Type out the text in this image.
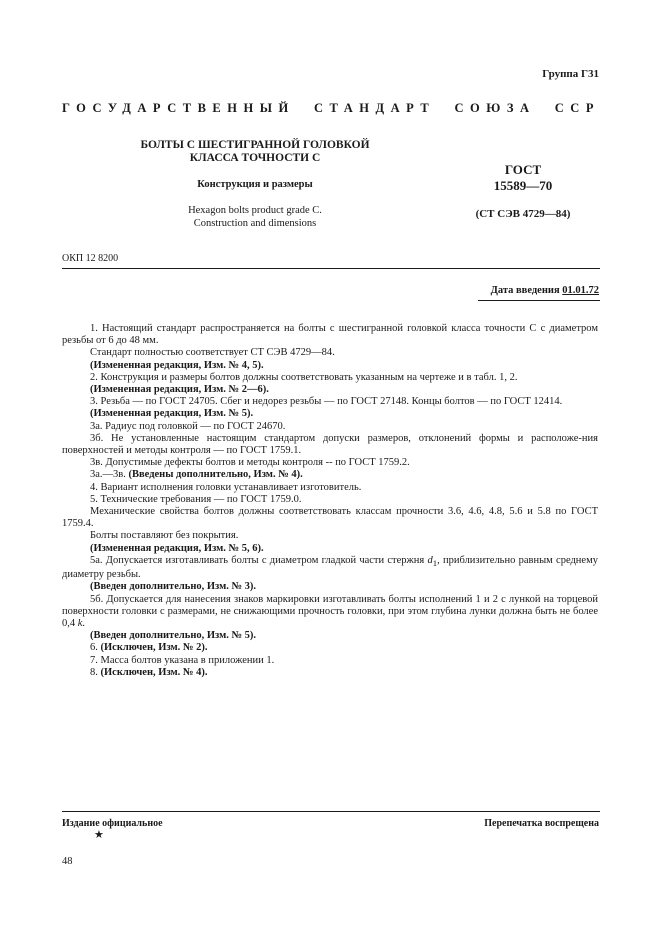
Группа Г31
ГОСУДАРСТВЕННЫЙ СТАНДАРТ СОЮЗА ССР
БОЛТЫ С ШЕСТИГРАННОЙ ГОЛОВКОЙ
КЛАССА ТОЧНОСТИ С
Конструкция и размеры
Hexagon bolts product grade С.
Construction and dimensions
ГОСТ
15589—70
(СТ СЭВ 4729—84)
ОКП 12 8200
Дата введения 01.01.72

1. Настоящий стандарт распространяется на болты с шестигранной головкой класса точности С с диаметром резьбы от 6 до 48 мм.

Стандарт полностью соответствует СТ СЭВ 4729—84.

(Измененная редакция, Изм. № 4, 5).

2. Конструкция и размеры болтов должны соответствовать указанным на чертеже и в табл. 1, 2.

(Измененная редакция, Изм. № 2—6).

3. Резьба — по ГОСТ 24705. Сбег и недорез резьбы — по ГОСТ 27148. Концы болтов — по ГОСТ 12414.

(Измененная редакция, Изм. № 5).

3а. Радиус под головкой — по ГОСТ 24670.

3б. Не установленные настоящим стандартом допуски размеров, отклонений формы и расположе-ния поверхностей и методы контроля — по ГОСТ 1759.1.

3в. Допустимые дефекты болтов и методы контроля -- по ГОСТ 1759.2.

3а.—3в. (Введены дополнительно, Изм. № 4).

4. Вариант исполнения головки устанавливает изготовитель.

5. Технические требования — по ГОСТ 1759.0.

Механические свойства болтов должны соответствовать классам прочности 3.6, 4.6, 4.8, 5.6 и 5.8 по ГОСТ 1759.4.

Болты поставляют без покрытия.

(Измененная редакция, Изм. № 5, 6).

5а. Допускается изготавливать болты с диаметром гладкой части стержня $d_1$, приблизительно равным среднему диаметру резьбы.

(Введен дополнительно, Изм. № 3).

5б. Допускается для нанесения знаков маркировки изготавливать болты исполнений 1 и 2 с лункой на торцевой поверхности головки с размерами, не снижающими прочность головки, при этом глубина лунки должна быть не более 0,4 k.

(Введен дополнительно, Изм. № 5).

6. (Исключен, Изм. № 2).

7. Масса болтов указана в приложении 1.

8. (Исключен, Изм. № 4).

Издание официальное
★
Перепечатка воспрещена
48
